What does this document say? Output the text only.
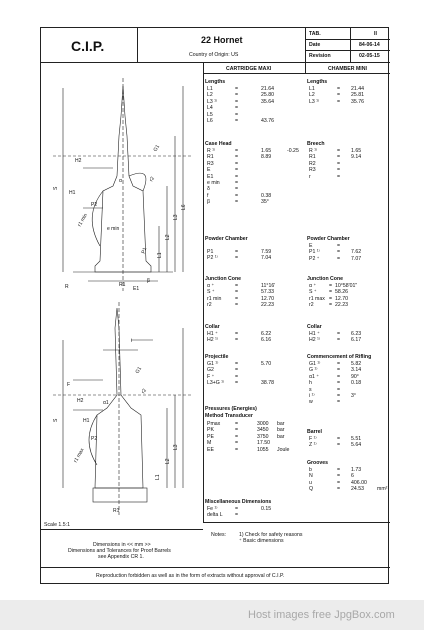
C.I.P.	22 Hornet
Country of Origin: US
TAB.	II
Date	84-06-14
Revision	02-05-15
CARTRIDGE MAXI	CHAMBER MINI
H2
H1
P2
r1 min
e min
L1
L2
L3
L6
S
R	R1
E1
P1
G1
r2
β
α
F
H2
H1
P2
r1 max
R1
L1
L2
L3
S
G1
r2
α1
i
Scale 1.5:1
Lengths
L1	=	21.64
L2	=	25.80
L3 ¹⁾	=	35.64
L4	=
L5	=
L6	=	43.76
Case Head
R ¹⁾	=	1.65	-0.25
R1	=	8.89
R3	=
E	=
E1	=
e min	=
δ	=
f	=	0.38
β	=	35°
Powder Chamber
P1	=	7.59
P2 ¹⁾	=	7.04
Junction Cone
α ⁺	=	11°16'
S ⁺	=	57.33
r1 min	=	12.70
r2	=	22.23
Collar
H1 ⁺	=	6.22
H2 ¹⁾	=	6.16
Projectile
G1 ¹⁾	=	5.70
G2	=
F ⁺	=
L3+G ¹⁾ =	38.78
Pressures (Energies)
Method Transducer
Pmax	=	3000 bar
PK	=	3450 bar
PE	=	3750 bar
M	=	17.50
EE	=	1055 Joule
Miscellaneous Dimensions
Fe ¹⁾	=	0.15
delta L =
Lengths
L1	= 21.44
L2	= 25.81
L3 ¹⁾	= 35.76
Breech
R ¹⁾	= 1.65
R1	= 9.14
R2	=
R3	=
r	=
Powder Chamber
E	=
P1 ¹⁾	= 7.62
P2 ⁺	= 7.07
Junction Cone
α ⁺ = 10°58'01"
S ⁺ = 58.26
r1 max = 12.70
r2	= 22.23
Collar
H1 ⁺	= 6.23
H2 ¹⁾	= 6.17
Commencement of Rifling
G1 ¹⁾	= 5.82
G ¹⁾	= 3.14
α1 ⁺	= 90°
h	= 0.18
s	=
i ¹⁾	= 3°
w	=
Barrel
F ¹⁾	= 5.51
Z ¹⁾	= 5.64
Grooves
b	= 1.73
N	= 6
u	= 406.00
Q	= 24.53	mm²
Notes:	1) Check for safety reasons
⁺ Basic dimensions
Dimensions in << mm >>
Dimensions and Tolerances for Proof Barrels
see Appendix CR 1.
Reproduction forbidden as well as in the form of extracts without approval of C.I.P.
Host images free JpgBox.com
